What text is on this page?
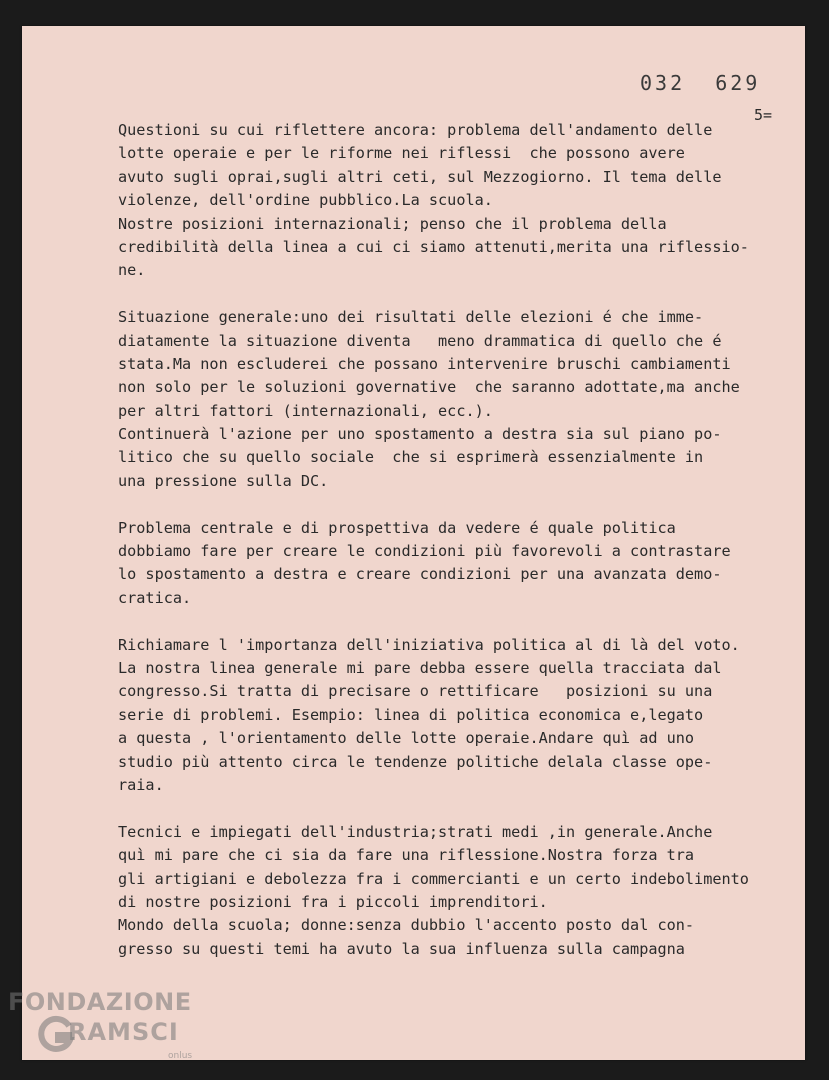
032  629
5=
Questioni su cui riflettere ancora: problema dell'andamento delle
lotte operaie e per le riforme nei riflessi  che possono avere
avuto sugli oprai,sugli altri ceti, sul Mezzogiorno. Il tema delle
violenze, dell'ordine pubblico.La scuola.
Nostre posizioni internazionali; penso che il problema della
credibilità della linea a cui ci siamo attenuti,merita una riflessio-
ne.
Situazione generale:uno dei risultati delle elezioni é che imme-
diatamente la situazione diventa   meno drammatica di quello che é
stata.Ma non escluderei che possano intervenire bruschi cambiamenti
non solo per le soluzioni governative  che saranno adottate,ma anche
per altri fattori (internazionali, ecc.).
Continuerà l'azione per uno spostamento a destra sia sul piano po-
litico che su quello sociale  che si esprimerà essenzialmente in
una pressione sulla DC.
Problema centrale e di prospettiva da vedere é quale politica
dobbiamo fare per creare le condizioni più favorevoli a contrastare
lo spostamento a destra e creare condizioni per una avanzata demo-
cratica.
Richiamare l 'importanza dell'iniziativa politica al di là del voto.
La nostra linea generale mi pare debba essere quella tracciata dal
congresso.Si tratta di precisare o rettificare   posizioni su una
serie di problemi. Esempio: linea di politica economica e,legato
a questa , l'orientamento delle lotte operaie.Andare quì ad uno
studio più attento circa le tendenze politiche delala classe ope-
raia.
Tecnici e impiegati dell'industria;strati medi ,in generale.Anche
quì mi pare che ci sia da fare una riflessione.Nostra forza tra
gli artigiani e debolezza fra i commercianti e un certo indebolimento
di nostre posizioni fra i piccoli imprenditori.
Mondo della scuola; donne:senza dubbio l'accento posto dal con-
gresso su questi temi ha avuto la sua influenza sulla campagna
FONDAZIONE
RAMSCI
onlus
